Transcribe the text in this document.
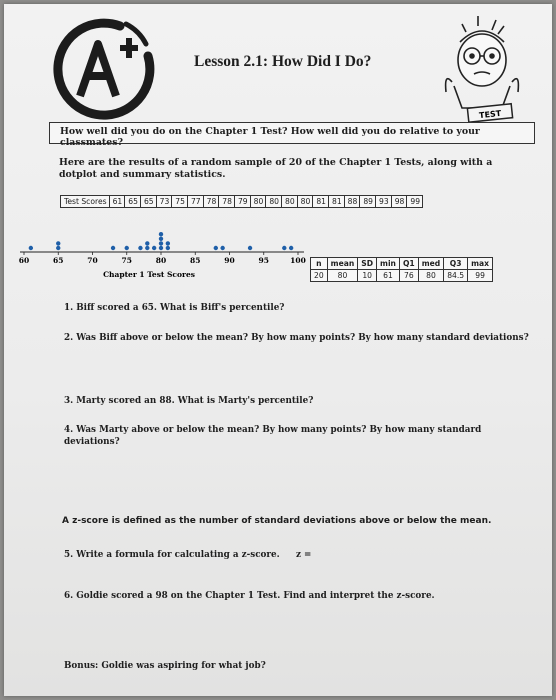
Lesson 2.1: How Did I Do?
TEST
How well did you do on the Chapter 1 Test? How well did you do relative to your classmates?
Here are the results of a random sample of 20 of the Chapter 1 Tests, along with a dotplot and summary statistics.
Test Scores 61 65 65 73 75 77 78 78 79 80 80 80 80 81 81 88 89 93 98 99
60	65	70	75	80	85	90	95	100
Chapter 1 Test Scores
n	mean	SD	min	Q1	med	Q3	max
20	80	10	61	76	80	84.5	99
1. Biff scored a 65. What is Biff's percentile?
2. Was Biff above or below the mean? By how many points? By how many standard deviations?
3. Marty scored an 88. What is Marty's percentile?
4. Was Marty above or below the mean? By how many points? By how many standard deviations?
A z-score is defined as the number of standard deviations above or below the mean.
5. Write a formula for calculating a z-score.	z =
6. Goldie scored a 98 on the Chapter 1 Test. Find and interpret the z-score.
Bonus: Goldie was aspiring for what job?
